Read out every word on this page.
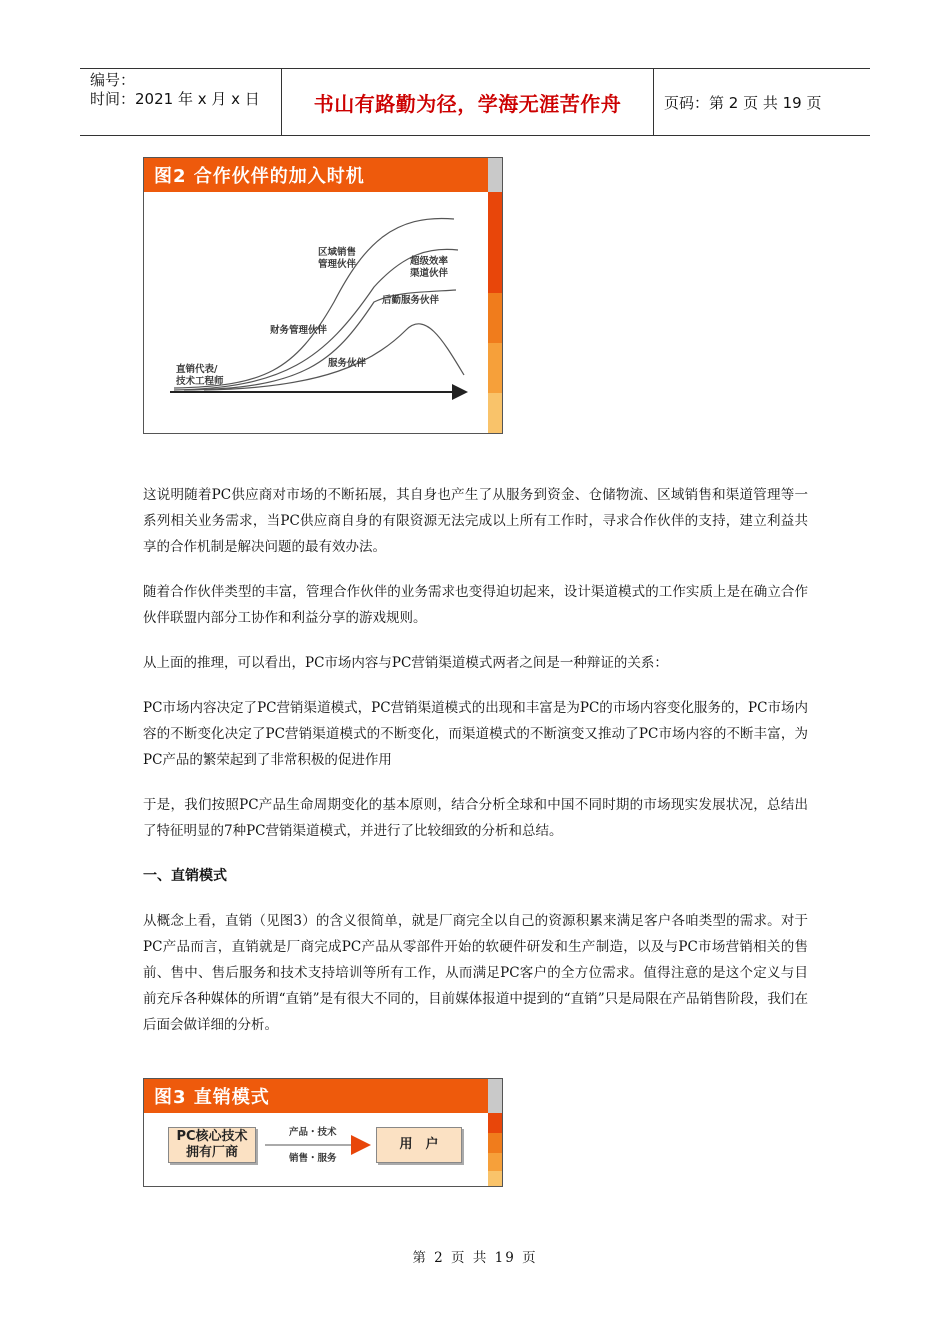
编号：
时间：2021 年 x 月 x 日	书山有路勤为径，学海无涯苦作舟	页码：第 2 页 共 19 页
图2 合作伙伴的加入时机
直销代表/ 技术工程师
财务管理伙伴
区域销售 管理伙伴	超级效率 渠道伙伴
后勤服务伙伴
服务伙伴

这说明随着PC供应商对市场的不断拓展，其自身也产生了从服务到资金、仓储物流、区域销售和渠道管理等一系列相关业务需求，当PC供应商自身的有限资源无法完成以上所有工作时，寻求合作伙伴的支持，建立利益共享的合作机制是解决问题的最有效办法。

随着合作伙伴类型的丰富，管理合作伙伴的业务需求也变得迫切起来，设计渠道模式的工作实质上是在确立合作伙伴联盟内部分工协作和利益分享的游戏规则。

从上面的推理，可以看出，PC市场内容与PC营销渠道模式两者之间是一种辩证的关系：

PC市场内容决定了PC营销渠道模式，PC营销渠道模式的出现和丰富是为PC的市场内容变化服务的，PC市场内容的不断变化决定了PC营销渠道模式的不断变化，而渠道模式的不断演变又推动了PC市场内容的不断丰富，为PC产品的繁荣起到了非常积极的促进作用

于是，我们按照PC产品生命周期变化的基本原则，结合分析全球和中国不同时期的市场现实发展状况，总结出了特征明显的7种PC营销渠道模式，并进行了比较细致的分析和总结。

一、直销模式

从概念上看，直销（见图3）的含义很简单，就是厂商完全以自己的资源积累来满足客户各咱类型的需求。对于PC产品而言，直销就是厂商完成PC产品从零部件开始的软硬件研发和生产制造，以及与PC市场营销相关的售前、售中、售后服务和技术支持培训等所有工作，从而满足PC客户的全方位需求。值得注意的是这个定义与目前充斥各种媒体的所谓“直销”是有很大不同的，目前媒体报道中提到的“直销”只是局限在产品销售阶段，我们在后面会做详细的分析。

图3 直销模式
PC核心技术
拥有厂商
产品・技术
销售・服务
用　户
第 2 页 共 19 页
